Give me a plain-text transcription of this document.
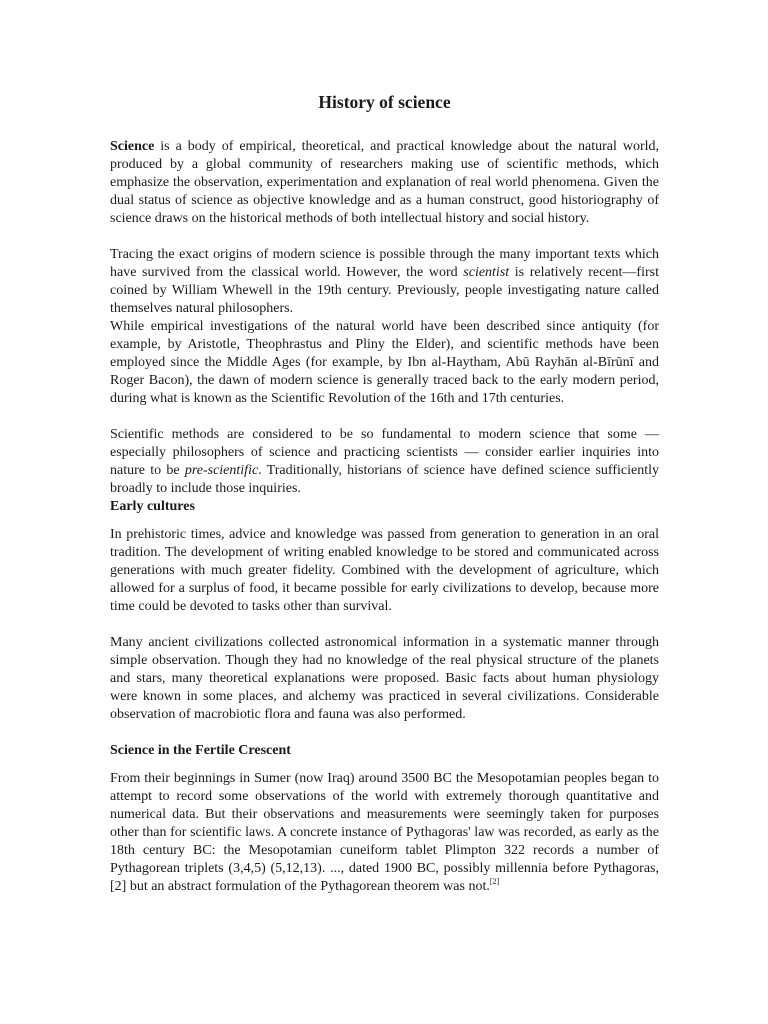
History of science

Science is a body of empirical, theoretical, and practical knowledge about the natural world, produced by a global community of researchers making use of scientific methods, which emphasize the observation, experimentation and explanation of real world phenomena. Given the dual status of science as objective knowledge and as a human construct, good historiography of science draws on the historical methods of both intellectual history and social history.

Tracing the exact origins of modern science is possible through the many important texts which have survived from the classical world. However, the word scientist is relatively recent—first coined by William Whewell in the 19th century. Previously, people investigating nature called themselves natural philosophers.

While empirical investigations of the natural world have been described since antiquity (for example, by Aristotle, Theophrastus and Pliny the Elder), and scientific methods have been employed since the Middle Ages (for example, by Ibn al-Haytham, Abū Rayhān al-Bīrūnī and Roger Bacon), the dawn of modern science is generally traced back to the early modern period, during what is known as the Scientific Revolution of the 16th and 17th centuries.

Scientific methods are considered to be so fundamental to modern science that some — especially philosophers of science and practicing scientists — consider earlier inquiries into nature to be pre-scientific. Traditionally, historians of science have defined science sufficiently broadly to include those inquiries.

Early cultures

In prehistoric times, advice and knowledge was passed from generation to generation in an oral tradition. The development of writing enabled knowledge to be stored and communicated across generations with much greater fidelity. Combined with the development of agriculture, which allowed for a surplus of food, it became possible for early civilizations to develop, because more time could be devoted to tasks other than survival.

Many ancient civilizations collected astronomical information in a systematic manner through simple observation. Though they had no knowledge of the real physical structure of the planets and stars, many theoretical explanations were proposed. Basic facts about human physiology were known in some places, and alchemy was practiced in several civilizations. Considerable observation of macrobiotic flora and fauna was also performed.

Science in the Fertile Crescent

From their beginnings in Sumer (now Iraq) around 3500 BC the Mesopotamian peoples began to attempt to record some observations of the world with extremely thorough quantitative and numerical data. But their observations and measurements were seemingly taken for purposes other than for scientific laws. A concrete instance of Pythagoras' law was recorded, as early as the 18th century BC: the Mesopotamian cuneiform tablet Plimpton 322 records a number of Pythagorean triplets (3,4,5) (5,12,13). ..., dated 1900 BC, possibly millennia before Pythagoras, [2] but an abstract formulation of the Pythagorean theorem was not.[2]
